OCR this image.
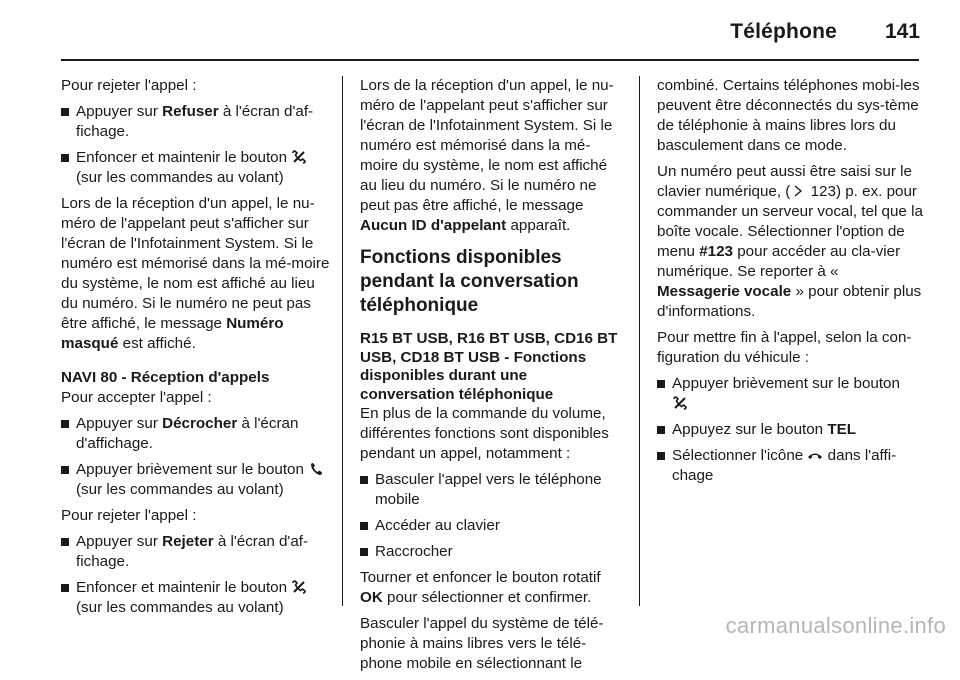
Téléphone 141

Pour rejeter l'appel :

Appuyer sur Refuser à l'écran d'af-fichage.
Enfoncer et maintenir le bouton  (sur les commandes au volant)

Lors de la réception d'un appel, le nu-méro de l'appelant peut s'afficher sur l'écran de l'Infotainment System. Si le numéro est mémorisé dans la mé-moire du système, le nom est affiché au lieu du numéro. Si le numéro ne peut pas être affiché, le message Numéro masqué est affiché.

NAVI 80 - Réception d'appels

Pour accepter l'appel :

Appuyer sur Décrocher à l'écran d'affichage.
Appuyer brièvement sur le bouton  (sur les commandes au volant)

Pour rejeter l'appel :

Appuyer sur Rejeter à l'écran d'af-fichage.
Enfoncer et maintenir le bouton  (sur les commandes au volant)

Lors de la réception d'un appel, le nu-méro de l'appelant peut s'afficher sur l'écran de l'Infotainment System. Si le numéro est mémorisé dans la mé-moire du système, le nom est affiché au lieu du numéro. Si le numéro ne peut pas être affiché, le message Aucun ID d'appelant apparaît.

Fonctions disponibles pendant la conversation téléphonique
R15 BT USB, R16 BT USB, CD16 BT USB, CD18 BT USB - Fonctions disponibles durant une conversation téléphonique

En plus de la commande du volume, différentes fonctions sont disponibles pendant un appel, notamment :

Basculer l'appel vers le téléphone mobile
Accéder au clavier
Raccrocher

Tourner et enfoncer le bouton rotatif OK pour sélectionner et confirmer.

Basculer l'appel du système de télé-phonie à mains libres vers le télé-phone mobile en sélectionnant le

combiné. Certains téléphones mobi-les peuvent être déconnectés du sys-tème de téléphonie à mains libres lors du basculement dans ce mode.

Un numéro peut aussi être saisi sur le clavier numérique, ( 123) p. ex. pour commander un serveur vocal, tel que la boîte vocale. Sélectionner l'option de menu #123 pour accéder au cla-vier numérique. Se reporter à « Messagerie vocale » pour obtenir plus d'informations.

Pour mettre fin à l'appel, selon la con-figuration du véhicule :

Appuyer brièvement sur le bouton

Appuyez sur le bouton TEL
Sélectionner l'icône  dans l'affi-chage
carmanualsonline.info
